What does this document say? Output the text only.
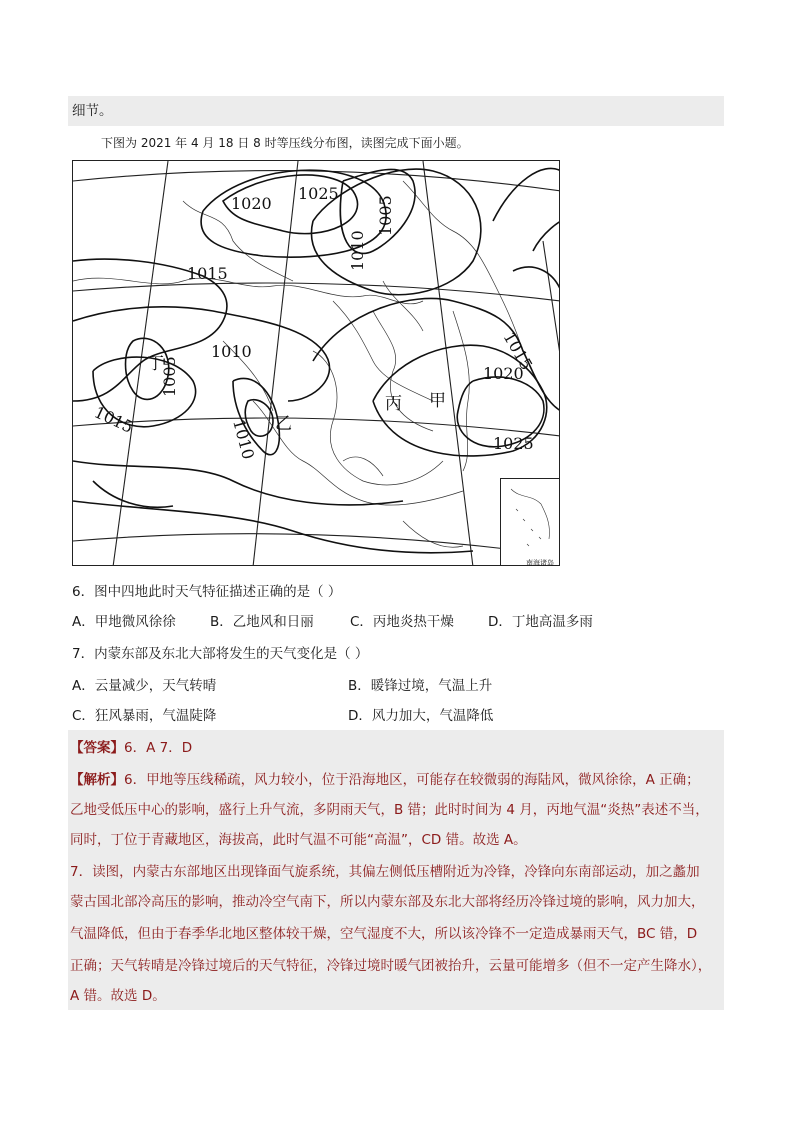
细节。
下图为 2021 年 4 月 18 日 8 时等压线分布图，读图完成下面小题。
1020
1025
1005
1010
1015
1010
1005
1015	1010
1015
1020
1025
丁
乙
丙 甲
南海诸岛
6．图中四地此时天气特征描述正确的是（ ）
A．甲地微风徐徐	B．乙地风和日丽	C．丙地炎热干燥	D．丁地高温多雨
7．内蒙东部及东北大部将发生的天气变化是（ ）
A．云量减少，天气转晴	B．暖锋过境，气温上升
C．狂风暴雨，气温陡降	D．风力加大，气温降低
【答案】6．A 7．D
【解析】6．甲地等压线稀疏，风力较小，位于沿海地区，可能存在较微弱的海陆风，微风徐徐，A 正确；
乙地受低压中心的影响，盛行上升气流，多阴雨天气，B 错；此时时间为 4 月，丙地气温“炎热”表述不当，
同时，丁位于青藏地区，海拔高，此时气温不可能“高温”，CD 错。故选 A。
7．读图，内蒙古东部地区出现锋面气旋系统，其偏左侧低压槽附近为冷锋，冷锋向东南部运动，加之蠡加
蒙古国北部冷高压的影响，推动冷空气南下，所以内蒙东部及东北大部将经历冷锋过境的影响，风力加大，
气温降低，但由于春季华北地区整体较干燥，空气湿度不大，所以该冷锋不一定造成暴雨天气，BC 错，D
正确；天气转晴是冷锋过境后的天气特征，冷锋过境时暖气团被抬升，云量可能增多（但不一定产生降水），
A 错。故选 D。
